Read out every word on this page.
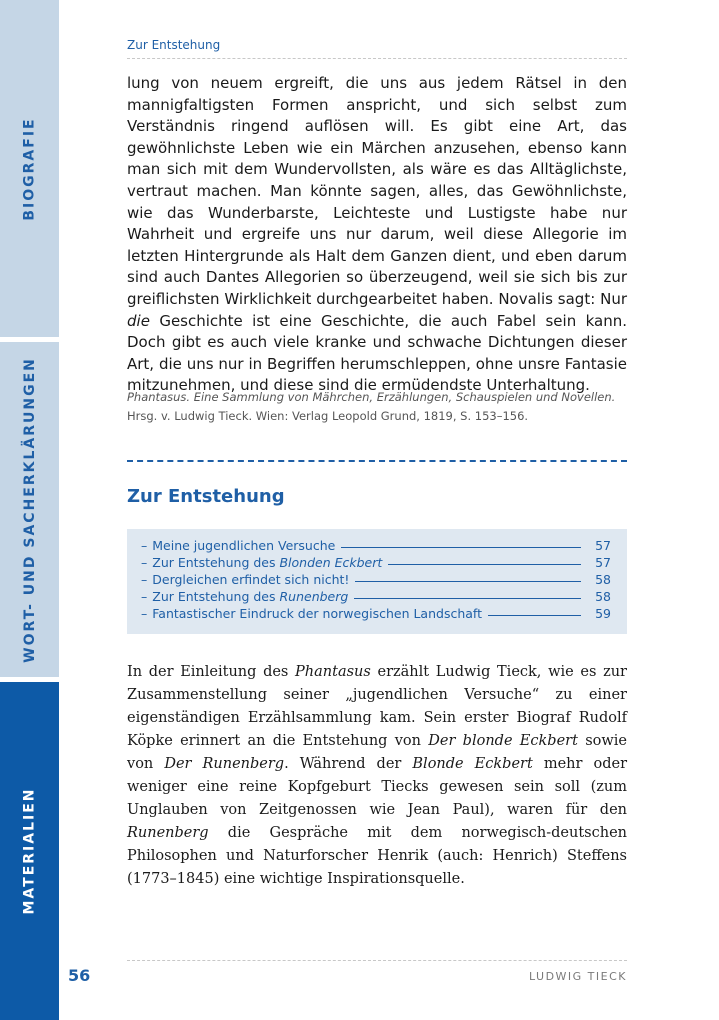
BIOGRAFIE
WORT- UND SACHERKLÄRUNGEN
MATERIALIEN
Zur Entstehung

lung von neuem ergreift, die uns aus jedem Rätsel in den mannigfaltigsten Formen anspricht, und sich selbst zum Verständnis ringend auflösen will. Es gibt eine Art, das gewöhnlichste Leben wie ein Märchen anzusehen, ebenso kann man sich mit dem Wundervollsten, als wäre es das Alltäglichste, vertraut machen. Man könnte sagen, alles, das Gewöhnlichste, wie das Wunderbarste, Leichteste und Lustigste habe nur Wahrheit und ergreife uns nur darum, weil diese Allegorie im letzten Hintergrunde als Halt dem Ganzen dient, und eben darum sind auch Dantes Allegorien so überzeugend, weil sie sich bis zur greiflichsten Wirklichkeit durchgearbeitet haben. Novalis sagt: Nur die Geschichte ist eine Geschichte, die auch Fabel sein kann. Doch gibt es auch viele kranke und schwache Dichtungen dieser Art, die uns nur in Begriffen herumschleppen, ohne unsre Fantasie mitzunehmen, und diese sind die ermüdendste Unterhaltung.

Phantasus. Eine Sammlung von Mährchen, Erzählungen, Schauspielen und Novellen. Hrsg. v. Ludwig Tieck. Wien: Verlag Leopold Grund, 1819, S. 153–156.
Zur Entstehung
– Meine jugendlichen Versuche	57
– Zur Entstehung des Blonden Eckbert	57
– Dergleichen erfindet sich nicht!	58
– Zur Entstehung des Runenberg	58
– Fantastischer Eindruck der norwegischen Landschaft	59

In der Einleitung des Phantasus erzählt Ludwig Tieck, wie es zur Zusammenstellung seiner „jugendlichen Versuche“ zu einer eigenständigen Erzählsammlung kam. Sein erster Biograf Rudolf Köpke erinnert an die Entstehung von Der blonde Eckbert sowie von Der Runenberg. Während der Blonde Eckbert mehr oder weniger eine reine Kopfgeburt Tiecks gewesen sein soll (zum Unglauben von Zeitgenossen wie Jean Paul), waren für den Runenberg die Gespräche mit dem norwegisch-deutschen Philosophen und Naturforscher Henrik (auch: Henrich) Steffens (1773–1845) eine wichtige Inspirationsquelle.

56	LUDWIG TIECK
